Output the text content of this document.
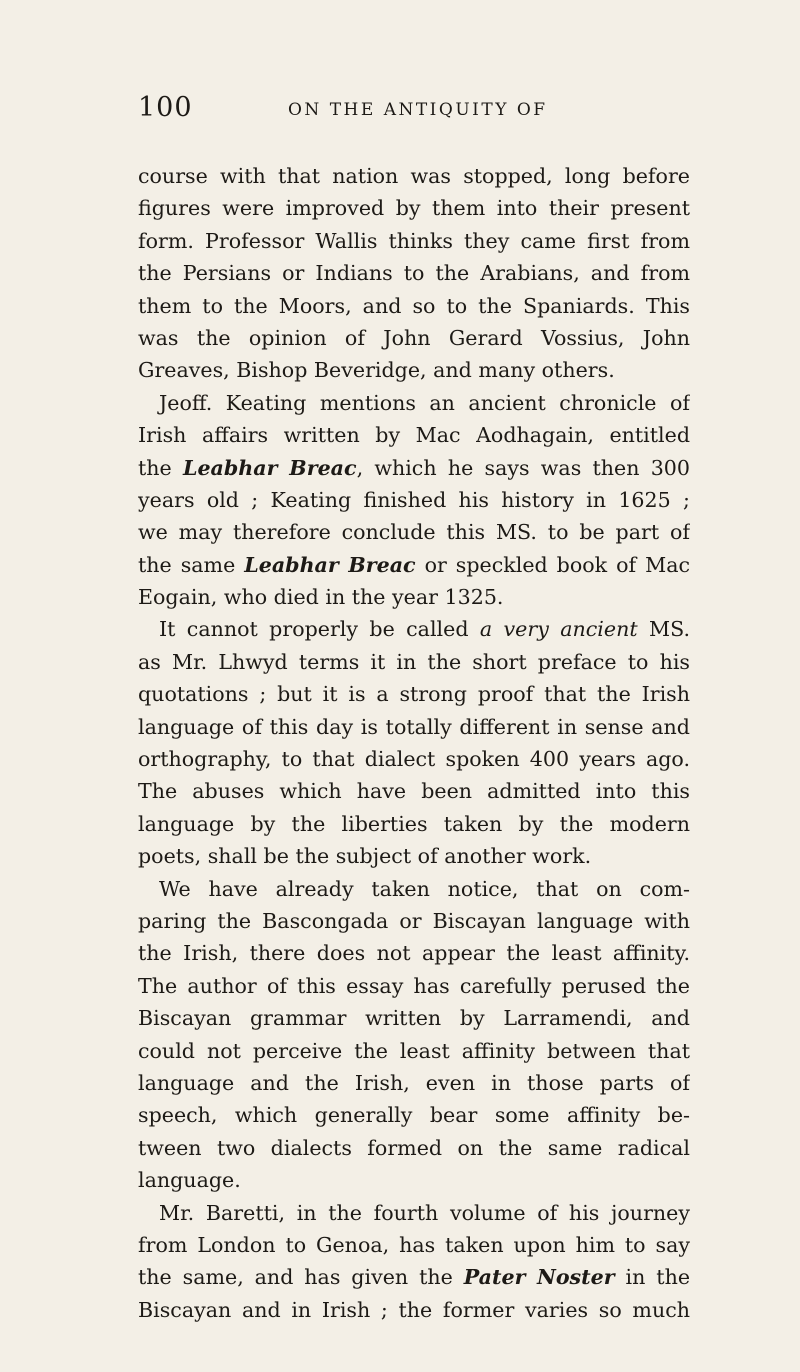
100	ON THE ANTIQUITY OF
course with that nation was stopped, long before
figures were improved by them into their present
form. Professor Wallis thinks they came first from
the Persians or Indians to the Arabians, and from
them to the Moors, and so to the Spaniards. This
was the opinion of John Gerard Vossius, John
Greaves, Bishop Beveridge, and many others.
Jeoff. Keating mentions an ancient chronicle of
Irish affairs written by Mac Aodhagain, entitled
the Leabhar Breac, which he says was then 300
years old ; Keating finished his history in 1625 ;
we may therefore conclude this MS. to be part of
the same Leabhar Breac or speckled book of Mac
Eogain, who died in the year 1325.
It cannot properly be called a very ancient MS.
as Mr. Lhwyd terms it in the short preface to his
quotations ; but it is a strong proof that the Irish
language of this day is totally different in sense and
orthography, to that dialect spoken 400 years ago.
The abuses which have been admitted into this
language by the liberties taken by the modern
poets, shall be the subject of another work.
We have already taken notice, that on com-
paring the Bascongada or Biscayan language with
the Irish, there does not appear the least affinity.
The author of this essay has carefully perused the
Biscayan grammar written by Larramendi, and
could not perceive the least affinity between that
language and the Irish, even in those parts of
speech, which generally bear some affinity be-
tween two dialects formed on the same radical
language.
Mr. Baretti, in the fourth volume of his journey
from London to Genoa, has taken upon him to say
the same, and has given the Pater Noster in the
Biscayan and in Irish ; the former varies so much
